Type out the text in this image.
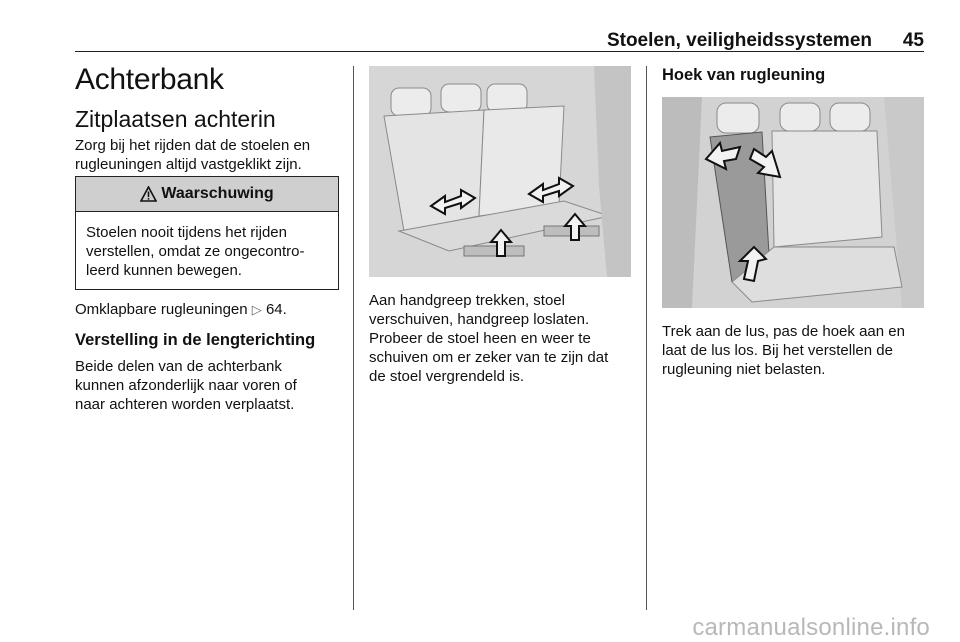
Stoelen, veiligheidssystemen 45
Achterbank
Zitplaatsen achterin
Zorg bij het rijden dat de stoelen en
rugleuningen altijd vastgeklikt zijn.
Waarschuwing
Stoelen nooit tijdens het rijden
verstellen, omdat ze ongecontro-
leerd kunnen bewegen.
Omklapbare rugleuningen ▷ 64.
Verstelling in de lengterichting
Beide delen van de achterbank
kunnen afzonderlijk naar voren of
naar achteren worden verplaatst.
Aan handgreep trekken, stoel
verschuiven, handgreep loslaten.
Probeer de stoel heen en weer te
schuiven om er zeker van te zijn dat
de stoel vergrendeld is.
Hoek van rugleuning
Trek aan de lus, pas de hoek aan en
laat de lus los. Bij het verstellen de
rugleuning niet belasten.
carmanualsonline.info
